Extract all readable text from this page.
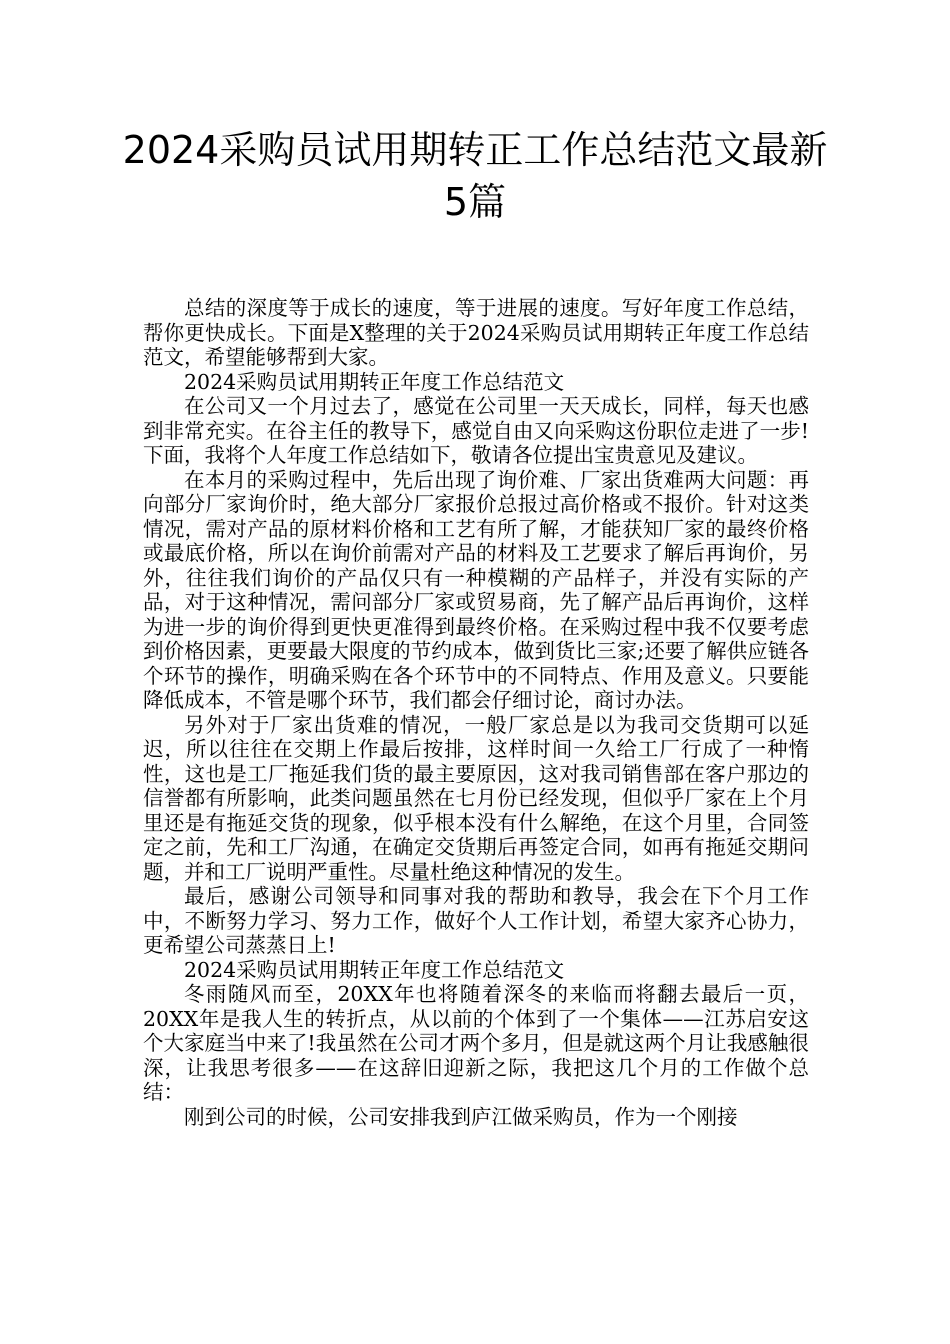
2024采购员试用期转正工作总结范文最新5篇

总结的深度等于成长的速度，等于进展的速度。写好年度工作总结，帮你更快成长。下面是X整理的关于2024采购员试用期转正年度工作总结范文，希望能够帮到大家。

2024采购员试用期转正年度工作总结范文

在公司又一个月过去了，感觉在公司里一天天成长，同样，每天也感到非常充实。在谷主任的教导下，感觉自由又向采购这份职位走进了一步!下面，我将个人年度工作总结如下，敬请各位提出宝贵意见及建议。

在本月的采购过程中，先后出现了询价难、厂家出货难两大问题：再向部分厂家询价时，绝大部分厂家报价总报过高价格或不报价。针对这类情况，需对产品的原材料价格和工艺有所了解，才能获知厂家的最终价格或最底价格，所以在询价前需对产品的材料及工艺要求了解后再询价，另外，往往我们询价的产品仅只有一种模糊的产品样子，并没有实际的产品，对于这种情况，需问部分厂家或贸易商，先了解产品后再询价，这样为进一步的询价得到更快更准得到最终价格。在采购过程中我不仅要考虑到价格因素，更要最大限度的节约成本，做到货比三家;还要了解供应链各个环节的操作，明确采购在各个环节中的不同特点、作用及意义。只要能降低成本，不管是哪个环节，我们都会仔细讨论，商讨办法。

另外对于厂家出货难的情况，一般厂家总是以为我司交货期可以延迟，所以往往在交期上作最后按排，这样时间一久给工厂行成了一种惰性，这也是工厂拖延我们货的最主要原因，这对我司销售部在客户那边的信誉都有所影响，此类问题虽然在七月份已经发现，但似乎厂家在上个月里还是有拖延交货的现象，似乎根本没有什么解绝，在这个月里，合同签定之前，先和工厂沟通，在确定交货期后再签定合同，如再有拖延交期问题，并和工厂说明严重性。尽量杜绝这种情况的发生。

最后，感谢公司领导和同事对我的帮助和教导，我会在下个月工作中，不断努力学习、努力工作，做好个人工作计划，希望大家齐心协力，更希望公司蒸蒸日上!

2024采购员试用期转正年度工作总结范文

冬雨随风而至，20XX年也将随着深冬的来临而将翻去最后一页，20XX年是我人生的转折点，从以前的个体到了一个集体——江苏启安这个大家庭当中来了!我虽然在公司才两个多月，但是就这两个月让我感触很深，让我思考很多——在这辞旧迎新之际，我把这几个月的工作做个总结：

刚到公司的时候，公司安排我到庐江做采购员，作为一个刚接
